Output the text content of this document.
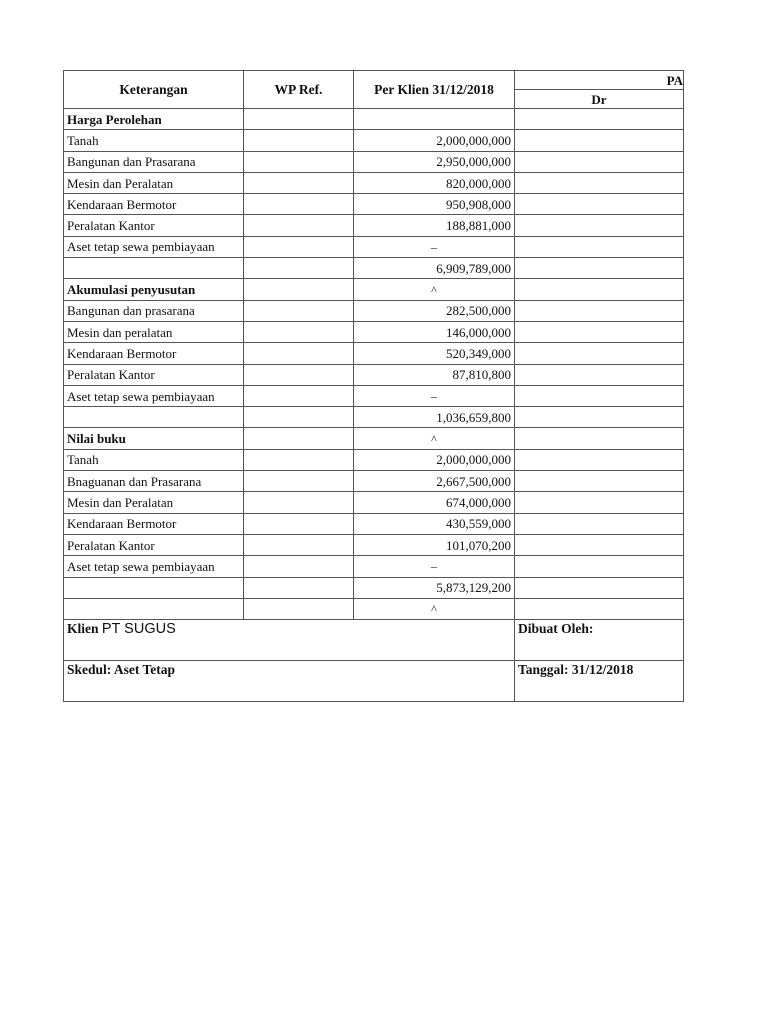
Keterangan	WP Ref.	Per Klien 31/12/2018	PA
			Dr
Harga Perolehan			
Tanah		2,000,000,000	
Bangunan dan Prasarana		2,950,000,000	
Mesin dan Peralatan		820,000,000	
Kendaraan Bermotor		950,908,000	
Peralatan Kantor		188,881,000	
Aset tetap sewa pembiayaan		–	
		6,909,789,000	
Akumulasi penyusutan		^	
Bangunan dan prasarana		282,500,000	
Mesin dan peralatan		146,000,000	
Kendaraan Bermotor		520,349,000	
Peralatan Kantor		87,810,800	
Aset tetap sewa pembiayaan		–	
		1,036,659,800	
Nilai buku		^	
Tanah		2,000,000,000	
Bnaguanan dan Prasarana		2,667,500,000	
Mesin dan Peralatan		674,000,000	
Kendaraan Bermotor		430,559,000	
Peralatan Kantor		101,070,200	
Aset tetap sewa pembiayaan		–	
		5,873,129,200	
		^	
Klien PT SUGUS			Dibuat Oleh:
Skedul: Aset Tetap			Tanggal: 31/12/2018
